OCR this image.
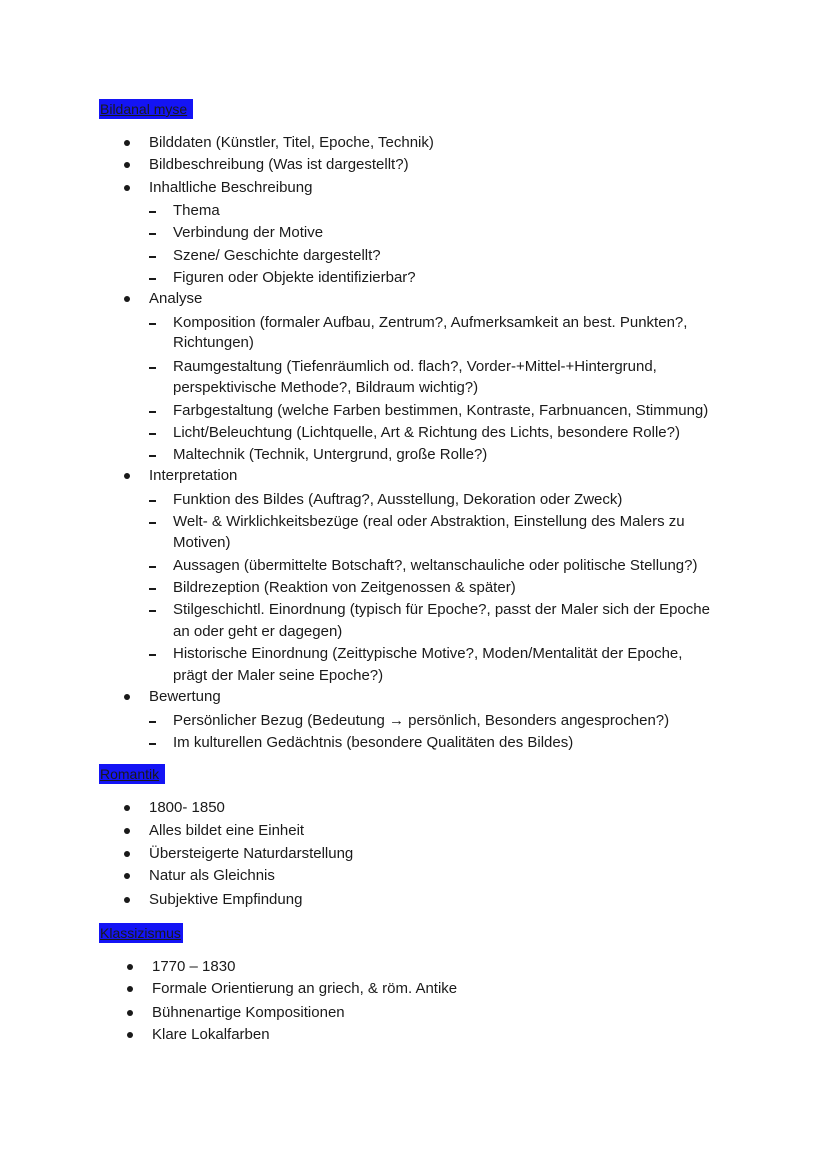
Bildanal myse
Bilddaten (Künstler, Titel, Epoche, Technik)
Bildbeschreibung (Was ist dargestellt?)
Inhaltliche Beschreibung
Thema
Verbindung der Motive
Szene/ Geschichte dargestellt?
Figuren oder Objekte identifizierbar?
Analyse
Komposition (formaler Aufbau, Zentrum?, Aufmerksamkeit an best. Punkten?,
Richtungen)
Raumgestaltung (Tiefenräumlich od. flach?, Vorder-+Mittel-+Hintergrund,
perspektivische Methode?, Bildraum wichtig?)
Farbgestaltung (welche Farben bestimmen, Kontraste, Farbnuancen, Stimmung)
Licht/Beleuchtung (Lichtquelle, Art & Richtung des Lichts, besondere Rolle?)
Maltechnik (Technik, Untergrund, große Rolle?)
Interpretation
Funktion des Bildes (Auftrag?, Ausstellung, Dekoration oder Zweck)
Welt- & Wirklichkeitsbezüge (real oder Abstraktion, Einstellung des Malers zu
Motiven)
Aussagen (übermittelte Botschaft?, weltanschauliche oder politische Stellung?)
Bildrezeption (Reaktion von Zeitgenossen & später)
Stilgeschichtl. Einordnung (typisch für Epoche?, passt der Maler sich der Epoche
an oder geht er dagegen)
Historische Einordnung (Zeittypische Motive?, Moden/Mentalität der Epoche,
prägt der Maler seine Epoche?)
Bewertung
Persönlicher Bezug (Bedeutung → persönlich, Besonders angesprochen?)
Im kulturellen Gedächtnis (besondere Qualitäten des Bildes)
Romantik
1800- 1850
Alles bildet eine Einheit
Übersteigerte Naturdarstellung
Natur als Gleichnis
Subjektive Empfindung
Klassizismus
1770 – 1830
Formale Orientierung an griech, & röm. Antike
Bühnenartige Kompositionen
Klare Lokalfarben
